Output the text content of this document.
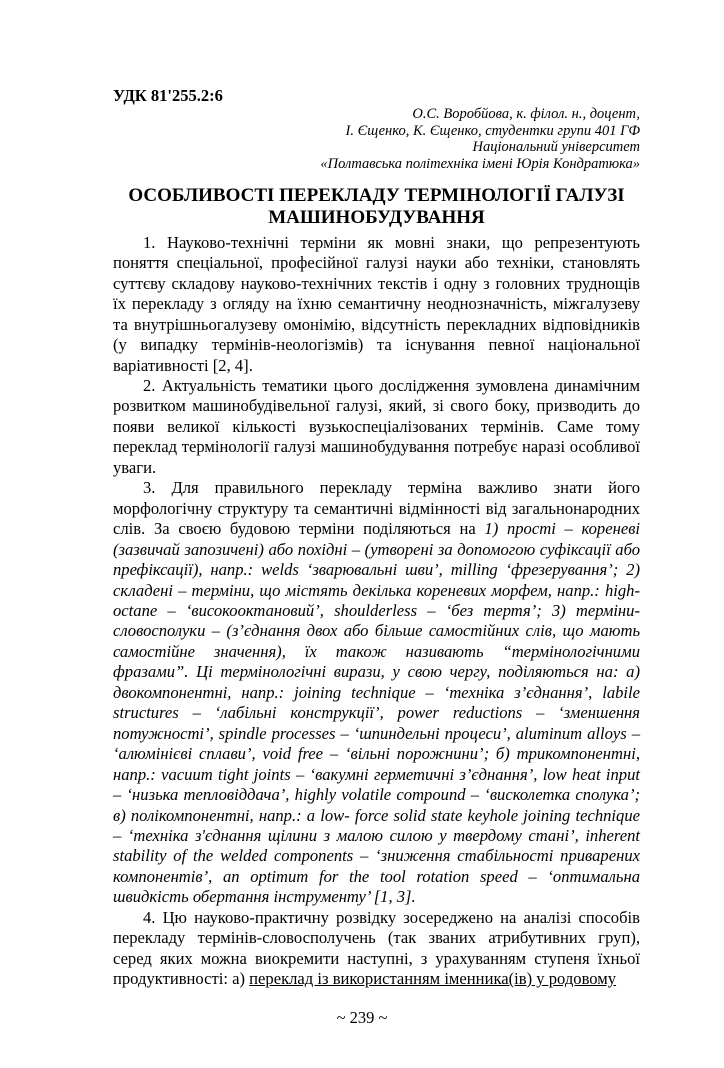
УДК 81'255.2:6
О.С. Воробйова, к. філол. н., доцент,
І. Єщенко, К. Єщенко, студентки групи 401 ГФ
Національний університет
«Полтавська політехніка імені Юрія Кондратюка»
ОСОБЛИВОСТІ ПЕРЕКЛАДУ ТЕРМІНОЛОГІЇ ГАЛУЗІ
МАШИНОБУДУВАННЯ

1. Науково-технічні терміни як мовні знаки, що репрезентують поняття спеціальної, професійної галузі науки або техніки, становлять суттєву складову науково-технічних текстів і одну з головних труднощів їх перекладу з огляду на їхню семантичну неоднозначність, міжгалузеву та внутрішньогалузеву омонімію, відсутність перекладних відповідників (у випадку термінів-неологізмів) та існування певної національної варіативності [2, 4].

2. Актуальність тематики цього дослідження зумовлена динамічним розвитком машинобудівельної галузі, який, зі свого боку, призводить до появи великої кількості вузькоспеціалізованих термінів. Саме тому переклад термінології галузі машинобудування потребує наразі особливої уваги.

3. Для правильного перекладу терміна важливо знати його морфологічну структуру та семантичні відмінності від загальнонародних слів. За своєю будовою терміни поділяються на 1) прості – кореневі (зазвичай запозичені) або похідні – (утворені за допомогою суфіксації або префіксації), напр.: welds ‘зварювальні шви’, milling ‘фрезерування’; 2) складені – терміни, що містять декілька кореневих морфем, напр.: high-octane – ‘високооктановий’, shoulderless – ‘без тертя’; 3) терміни-словосполуки – (з’єднання двох або більше самостійних слів, що мають самостійне значення), їх також називають “термінологічними фразами”. Ці термінологічні вирази, у свою чергу, поділяються на: а) двокомпонентні, напр.: joining technique – ‘техніка з’єднання’, labile structures – ‘лабільні конструкції’, power reductions – ‘зменшення потужності’, spindle processes – ‘шпиндельні процеси’, aluminum alloys – ‘алюмінієві сплави’, void free – ‘вільні порожнини’; б) трикомпонентні, напр.: vacuum tight joints – ‘вакумні герметичні з’єднання’, low heat input – ‘низька тепловіддача’, highly volatile compound – ‘висколетка сполука’; в) полікомпонентні, напр.: a low- force solid state keyhole joining technique – ‘техніка з'єднання щілини з малою силою у твердому стані’, inherent stability of the welded components – ‘зниження стабільності приварених компонентів’, an optimum for the tool rotation speed – ‘оптимальна швидкість обертання інструменту’ [1, 3].

4. Цю науково-практичну розвідку зосереджено на аналізі способів перекладу термінів-словосполучень (так званих атрибутивних груп), серед яких можна виокремити наступні, з урахуванням ступеня їхньої продуктивності: а) переклад із використанням іменника(ів) у родовому

~ 239 ~
